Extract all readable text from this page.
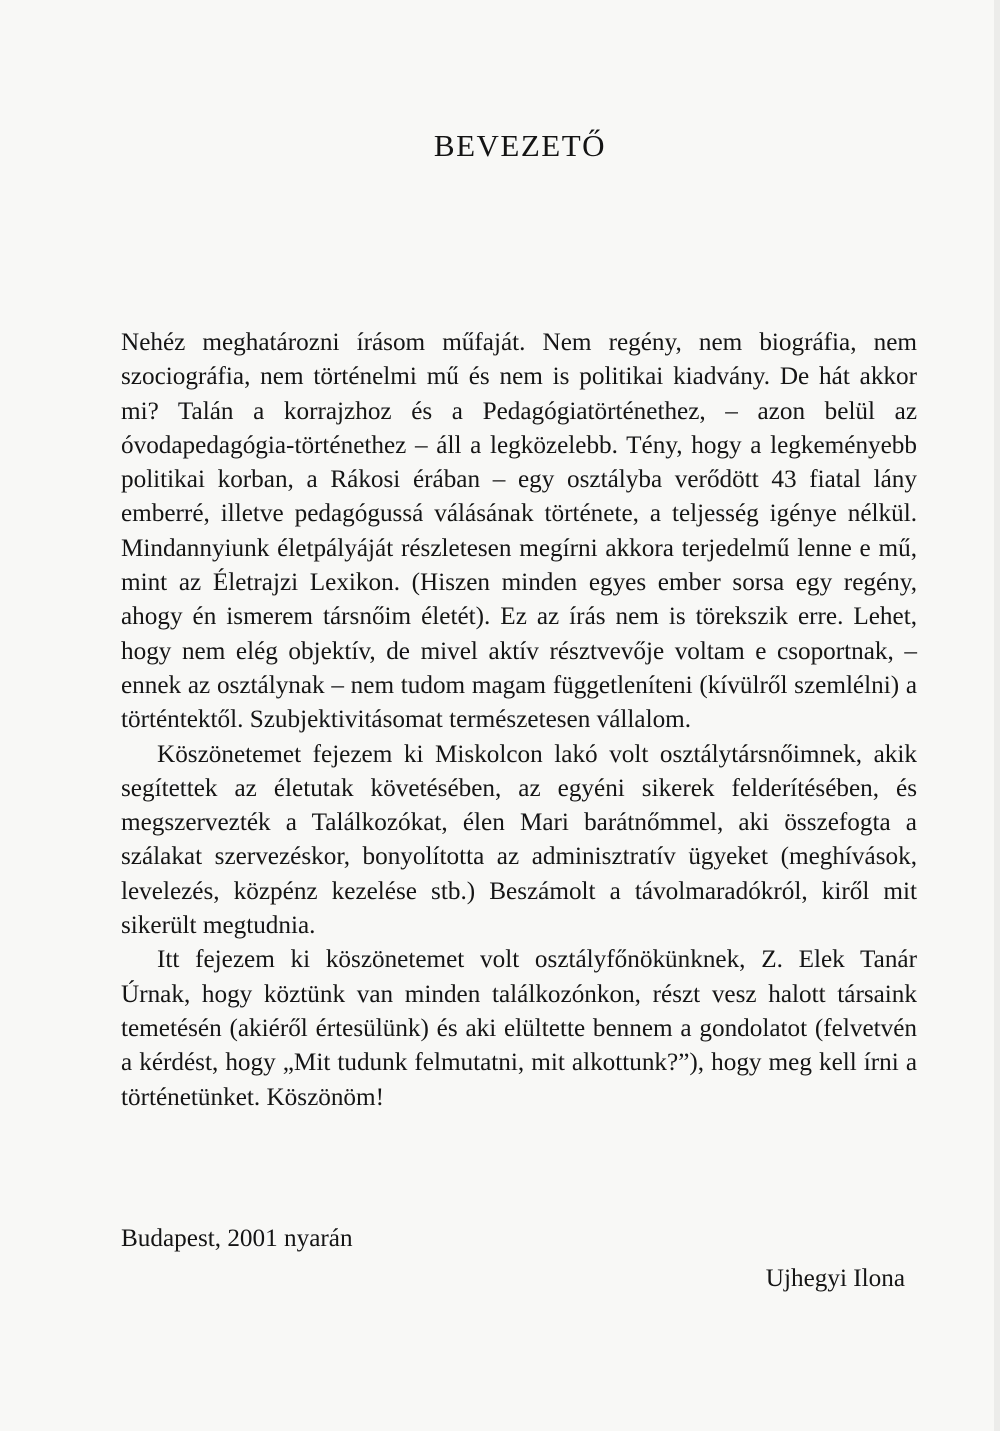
BEVEZETŐ

Nehéz meghatározni írásom műfaját. Nem regény, nem biográfia, nem szociográfia, nem történelmi mű és nem is politikai kiadvány. De hát akkor mi? Talán a korrajzhoz és a Pedagógiatörténethez, – azon belül az óvodapedagógia-történethez – áll a legközelebb. Tény, hogy a legkeményebb politikai korban, a Rákosi érában – egy osztályba verődött 43 fiatal lány emberré, illetve pedagógussá válásának története, a teljesség igénye nélkül. Mindannyiunk életpályáját részletesen megírni akkora terjedelmű lenne e mű, mint az Életrajzi Lexikon. (Hiszen minden egyes ember sorsa egy regény, ahogy én ismerem társnőim életét). Ez az írás nem is törekszik erre. Lehet, hogy nem elég objektív, de mivel aktív résztvevője voltam e csoportnak, – ennek az osztálynak – nem tudom magam függetleníteni (kívülről szemlélni) a történtektől. Szubjektivitásomat természetesen vállalom.

Köszönetemet fejezem ki Miskolcon lakó volt osztálytársnőimnek, akik segítettek az életutak követésében, az egyéni sikerek felderítésében, és megszervezték a Találkozókat, élen Mari barátnőmmel, aki összefogta a szálakat szervezéskor, bonyolította az adminisztratív ügyeket (meghívások, levelezés, közpénz kezelése stb.) Beszámolt a távolmaradókról, kiről mit sikerült megtudnia.

Itt fejezem ki köszönetemet volt osztályfőnökünknek, Z. Elek Tanár Úrnak, hogy köztünk van minden találkozónkon, részt vesz halott társaink temetésén (akiéről értesülünk) és aki elültette bennem a gondolatot (felvetvén a kérdést, hogy „Mit tudunk felmutatni, mit alkottunk?”), hogy meg kell írni a történetünket. Köszönöm!

Budapest, 2001 nyarán

Ujhegyi Ilona
